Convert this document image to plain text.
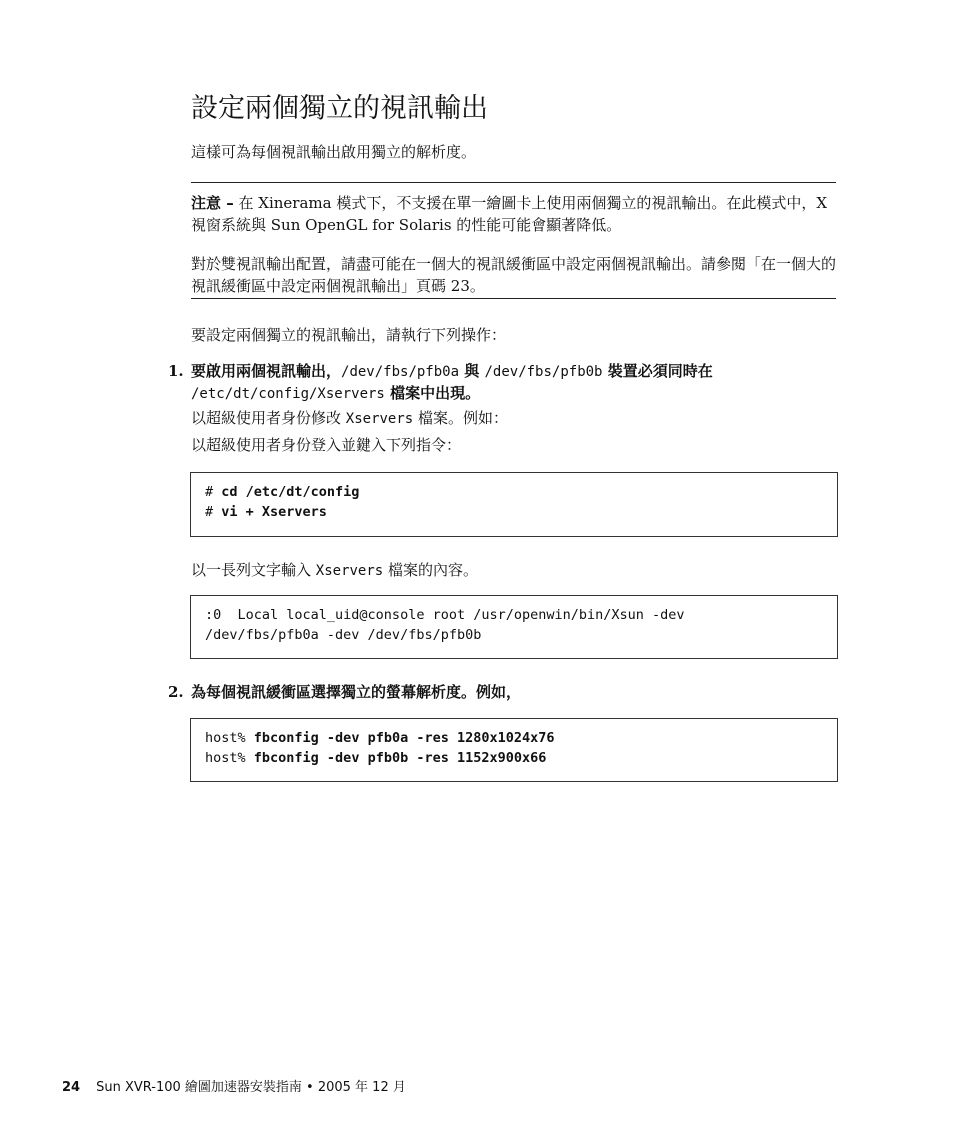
設定兩個獨立的視訊輸出

這樣可為每個視訊輸出啟用獨立的解析度。

注意 – 在 Xinerama 模式下，不支援在單一繪圖卡上使用兩個獨立的視訊輸出。在此模式中，X 視窗系統與 Sun OpenGL for Solaris 的性能可能會顯著降低。

對於雙視訊輸出配置，請盡可能在一個大的視訊緩衝區中設定兩個視訊輸出。請參閱「在一個大的視訊緩衝區中設定兩個視訊輸出」頁碼 23。

要設定兩個獨立的視訊輸出，請執行下列操作：

1. 要啟用兩個視訊輸出，/dev/fbs/pfb0a 與 /dev/fbs/pfb0b 裝置必須同時在
/etc/dt/config/Xservers 檔案中出現。

以超級使用者身份修改 Xservers 檔案。例如：

以超級使用者身份登入並鍵入下列指令：

# cd /etc/dt/config
# vi + Xservers

以一長列文字輸入 Xservers 檔案的內容。

:0  Local local_uid@console root /usr/openwin/bin/Xsun -dev
/dev/fbs/pfb0a -dev /dev/fbs/pfb0b
2. 為每個視訊緩衝區選擇獨立的螢幕解析度。例如，
host% fbconfig -dev pfb0a -res 1280x1024x76
host% fbconfig -dev pfb0b -res 1152x900x66
24 Sun XVR-100 繪圖加速器安裝指南 • 2005 年 12 月
